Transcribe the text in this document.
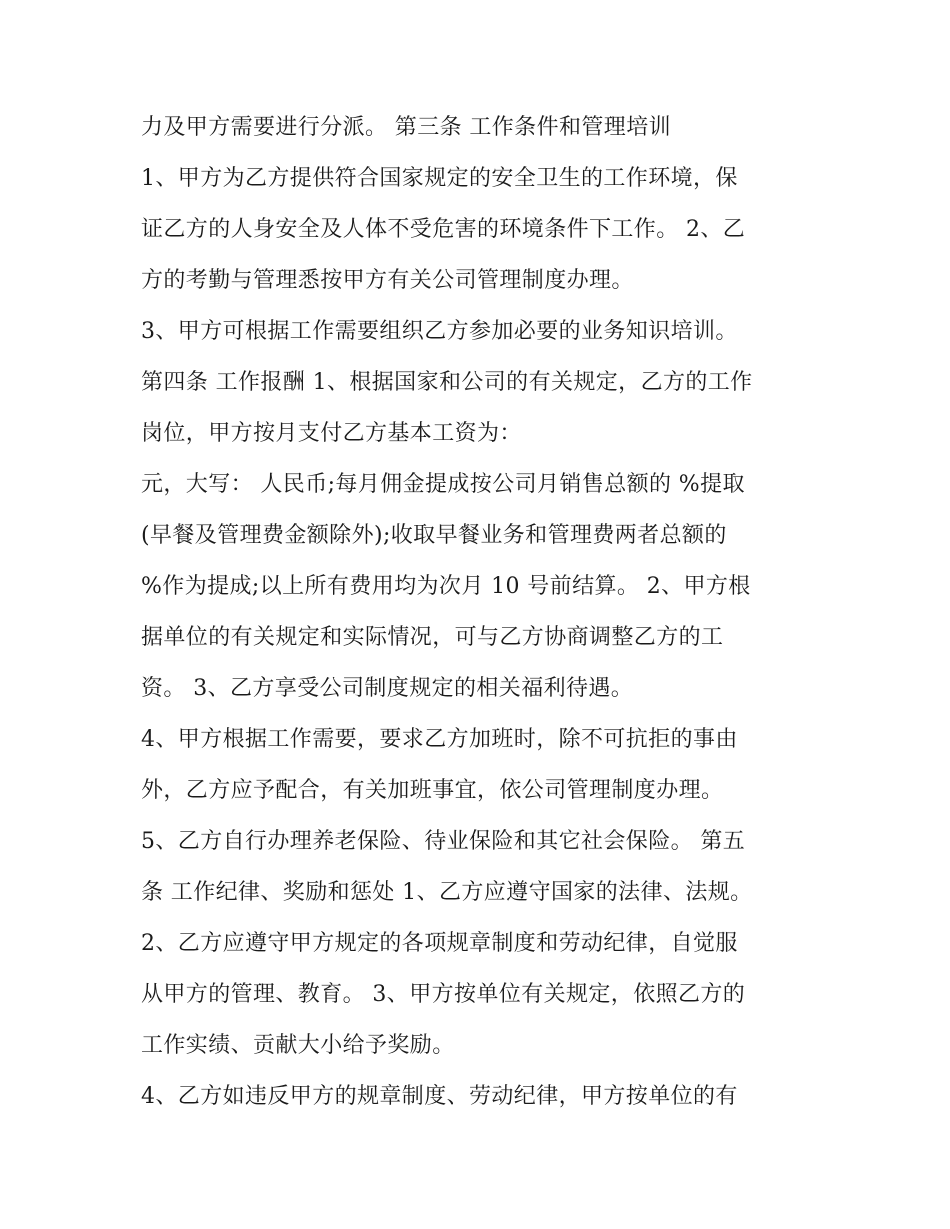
力及甲方需要进行分派。 第三条 工作条件和管理培训
1、甲方为乙方提供符合国家规定的安全卫生的工作环境，保
证乙方的人身安全及人体不受危害的环境条件下工作。 2、乙
方的考勤与管理悉按甲方有关公司管理制度办理。
3、甲方可根据工作需要组织乙方参加必要的业务知识培训。
第四条 工作报酬 1、根据国家和公司的有关规定，乙方的工作
岗位，甲方按月支付乙方基本工资为：
元，大写： 人民币;每月佣金提成按公司月销售总额的 %提取
(早餐及管理费金额除外);收取早餐业务和管理费两者总额的
%作为提成;以上所有费用均为次月 10 号前结算。 2、甲方根
据单位的有关规定和实际情况，可与乙方协商调整乙方的工
资。 3、乙方享受公司制度规定的相关福利待遇。
4、甲方根据工作需要，要求乙方加班时，除不可抗拒的事由
外，乙方应予配合，有关加班事宜，依公司管理制度办理。
5、乙方自行办理养老保险、待业保险和其它社会保险。 第五
条 工作纪律、奖励和惩处 1、乙方应遵守国家的法律、法规。
2、乙方应遵守甲方规定的各项规章制度和劳动纪律，自觉服
从甲方的管理、教育。 3、甲方按单位有关规定，依照乙方的
工作实绩、贡献大小给予奖励。
4、乙方如违反甲方的规章制度、劳动纪律，甲方按单位的有
